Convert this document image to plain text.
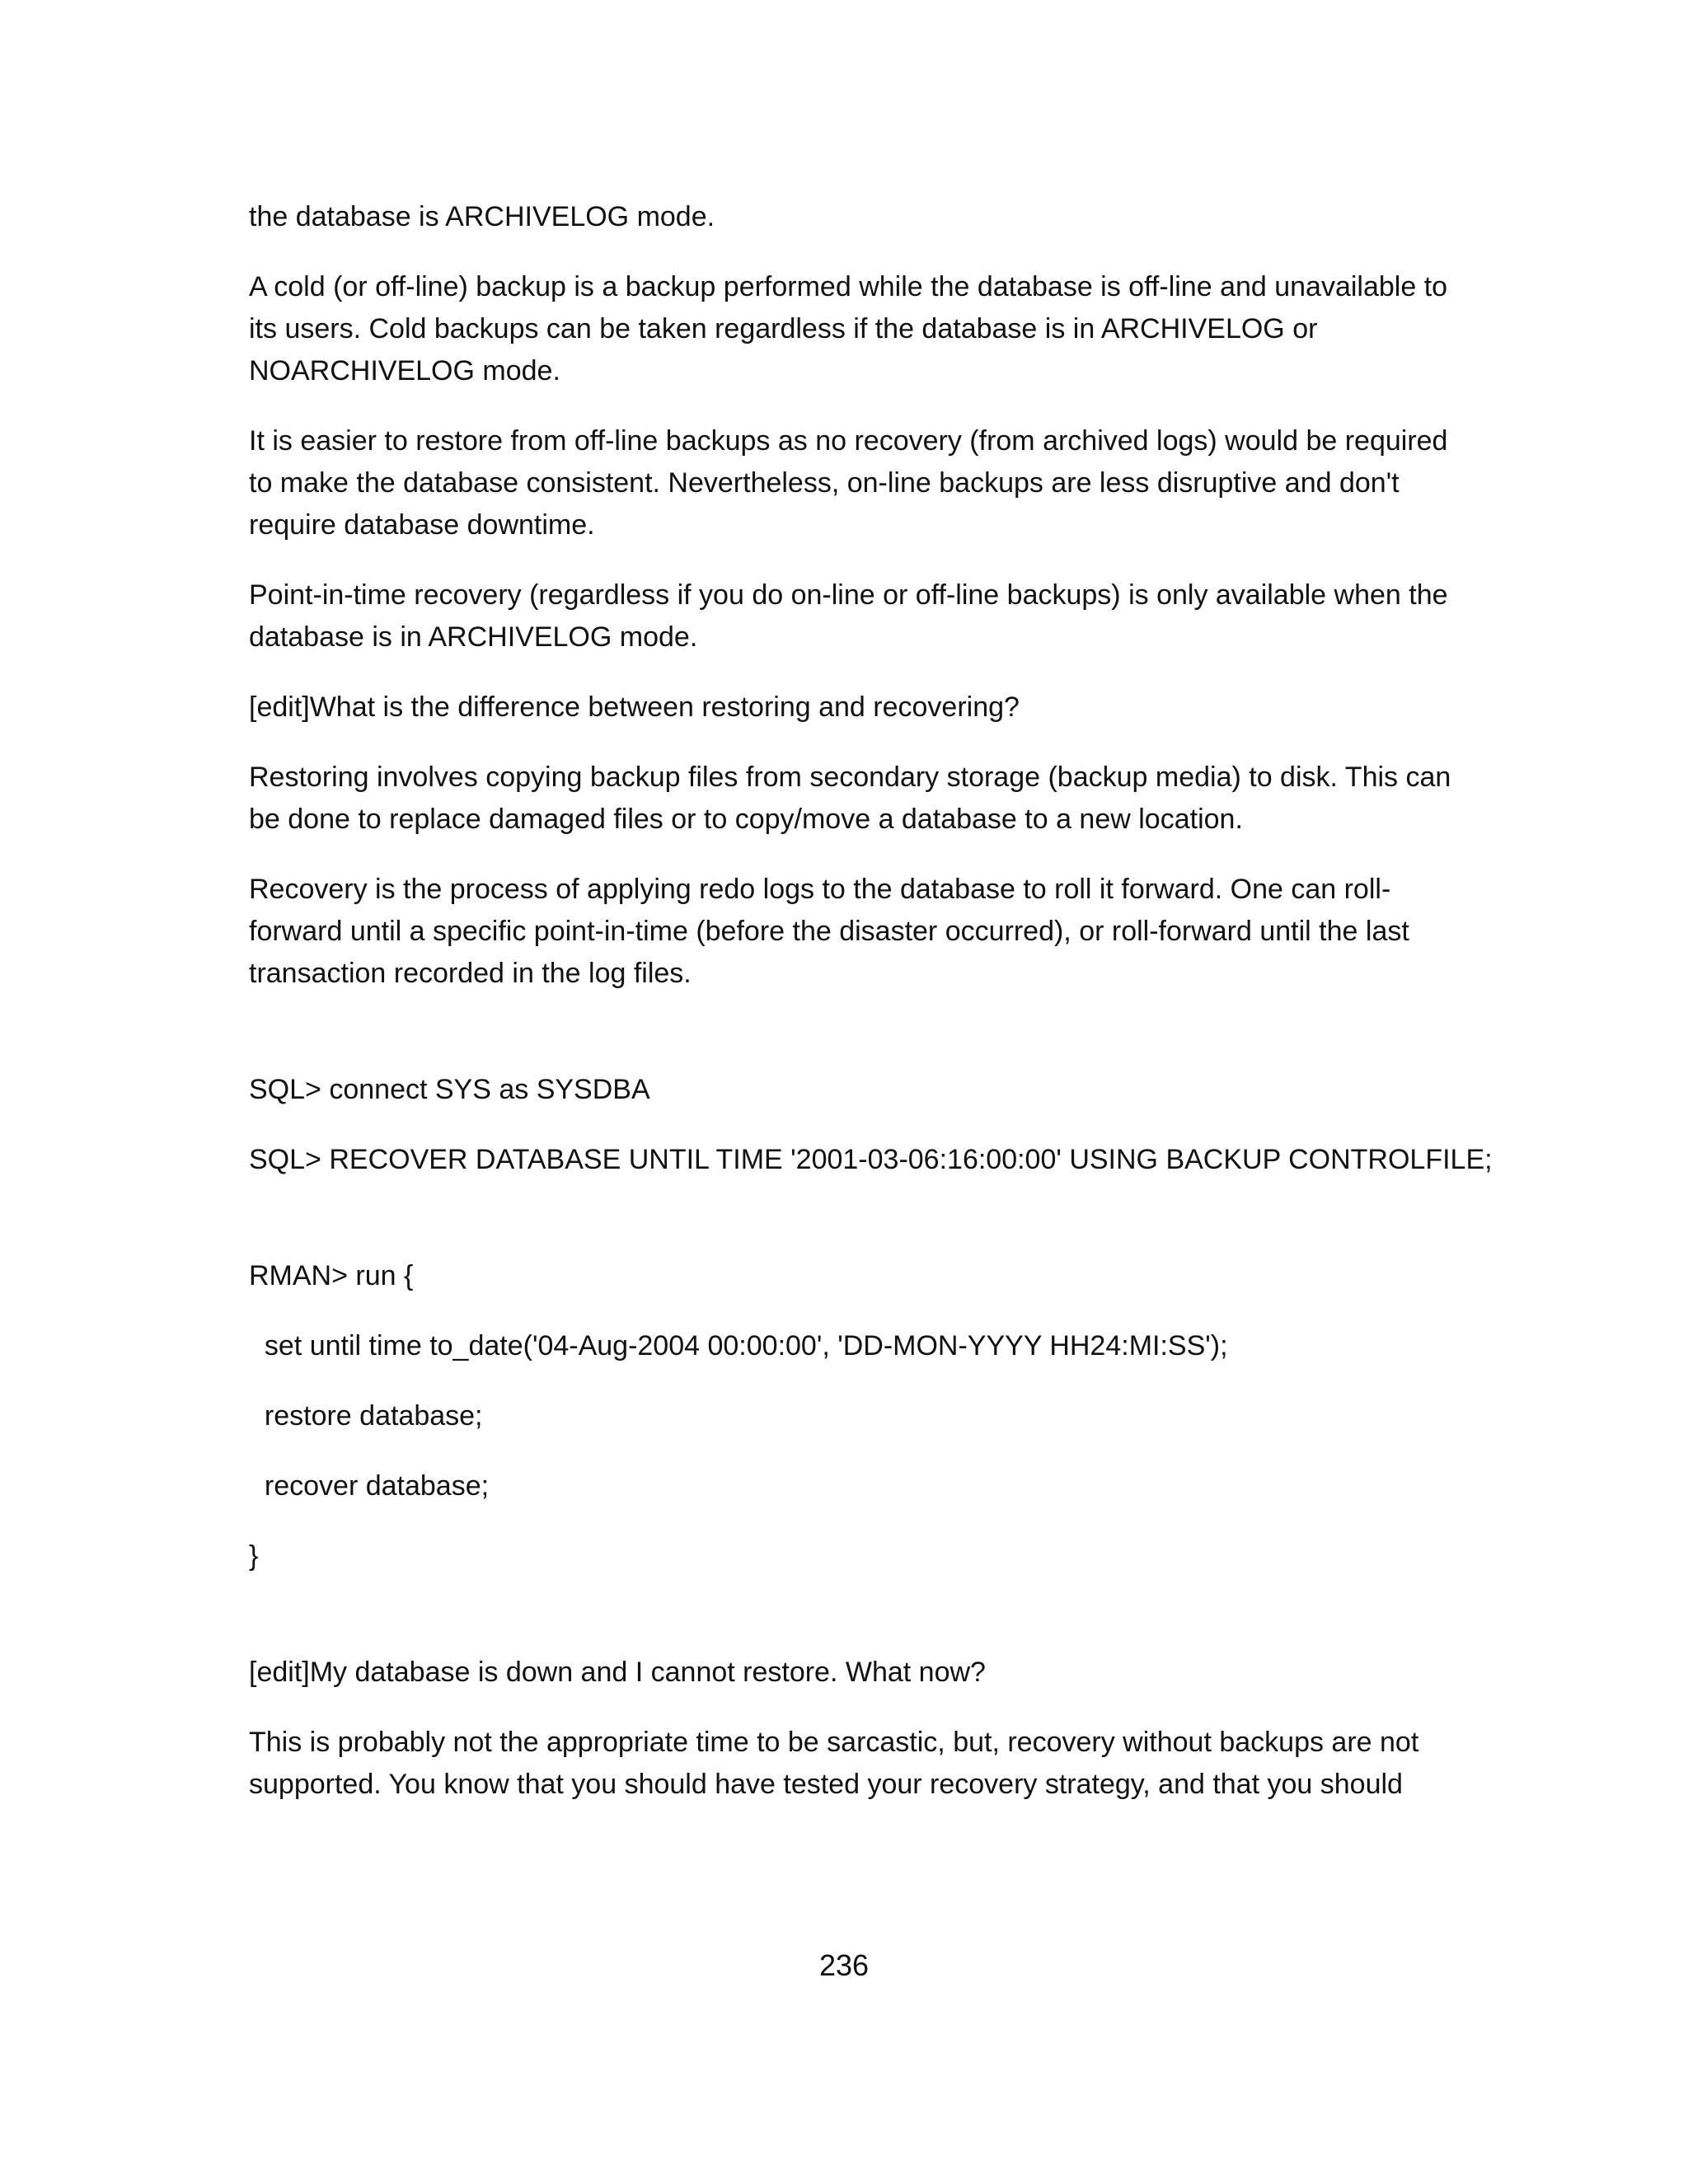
the database is ARCHIVELOG mode.

A cold (or off-line) backup is a backup performed while the database is off-line and unavailable to its users. Cold backups can be taken regardless if the database is in ARCHIVELOG or NOARCHIVELOG mode.

It is easier to restore from off-line backups as no recovery (from archived logs) would be required to make the database consistent. Nevertheless, on-line backups are less disruptive and don't require database downtime.

Point-in-time recovery (regardless if you do on-line or off-line backups) is only available when the database is in ARCHIVELOG mode.

[edit]What is the difference between restoring and recovering?

Restoring involves copying backup files from secondary storage (backup media) to disk. This can be done to replace damaged files or to copy/move a database to a new location.

Recovery is the process of applying redo logs to the database to roll it forward. One can roll-forward until a specific point-in-time (before the disaster occurred), or roll-forward until the last transaction recorded in the log files.

SQL> connect SYS as SYSDBA

SQL> RECOVER DATABASE UNTIL TIME '2001-03-06:16:00:00' USING BACKUP CONTROLFILE;

RMAN> run {

set until time to_date('04-Aug-2004 00:00:00', 'DD-MON-YYYY HH24:MI:SS');

restore database;

recover database;

}

[edit]My database is down and I cannot restore. What now?

This is probably not the appropriate time to be sarcastic, but, recovery without backups are not supported. You know that you should have tested your recovery strategy, and that you should

236
